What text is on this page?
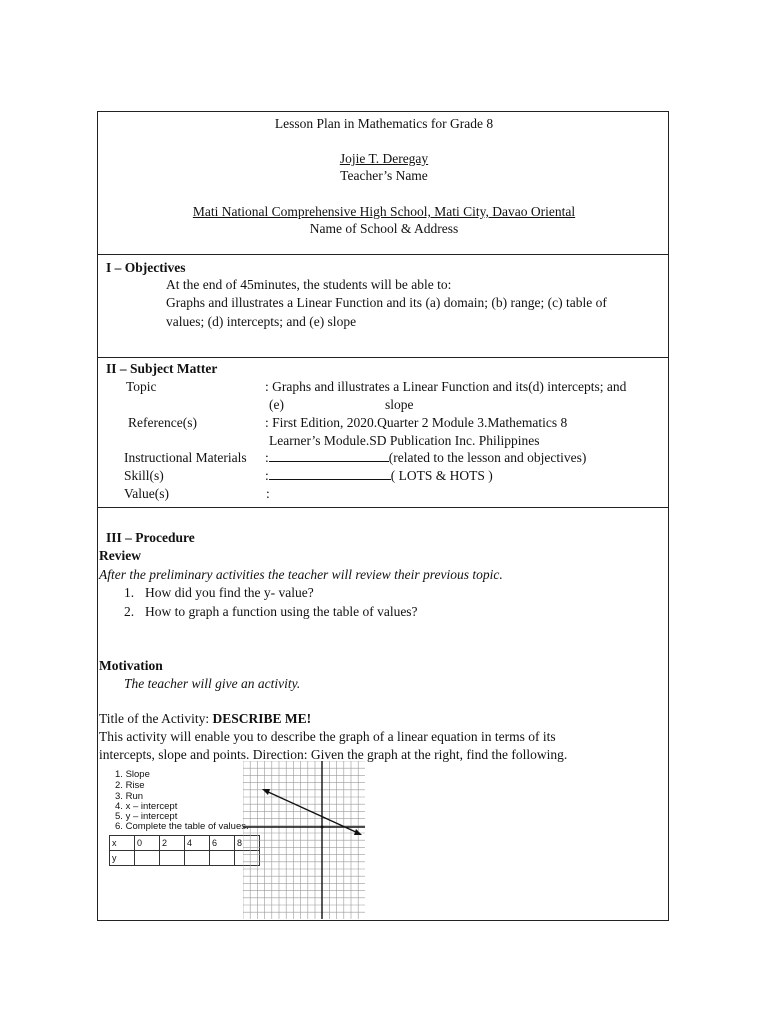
Lesson Plan in Mathematics for Grade 8
Jojie T. Deregay
Teacher’s Name
Mati National Comprehensive High School, Mati City, Davao Oriental
Name of School & Address
I – Objectives
At the end of 45minutes, the students will be able to:
Graphs and illustrates a Linear Function and its (a) domain; (b) range; (c) table of
values; (d) intercepts; and (e) slope
II – Subject Matter
Topic	: Graphs and illustrates a Linear Function and its(d) intercepts; and
(e)	slope
Reference(s)	: First Edition, 2020.Quarter 2 Module 3.Mathematics 8
Learner’s Module.SD Publication Inc. Philippines
Instructional Materials :	(related to the lesson and objectives)
Skill(s)	:	( LOTS & HOTS )
Value(s)	:
III – Procedure
Review
After the preliminary activities the teacher will review their previous topic.
1. How did you find the y- value?
2. How to graph a function using the table of values?
Motivation
The teacher will give an activity.
Title of the Activity: DESCRIBE ME!
This activity will enable you to describe the graph of a linear equation in terms of its
intercepts, slope and points. Direction: Given the graph at the right, find the following.
1. Slope
2. Rise
3. Run
4. x – intercept
5. y – intercept
6. Complete the table of values.
x	0	2	4	6	8
y					
